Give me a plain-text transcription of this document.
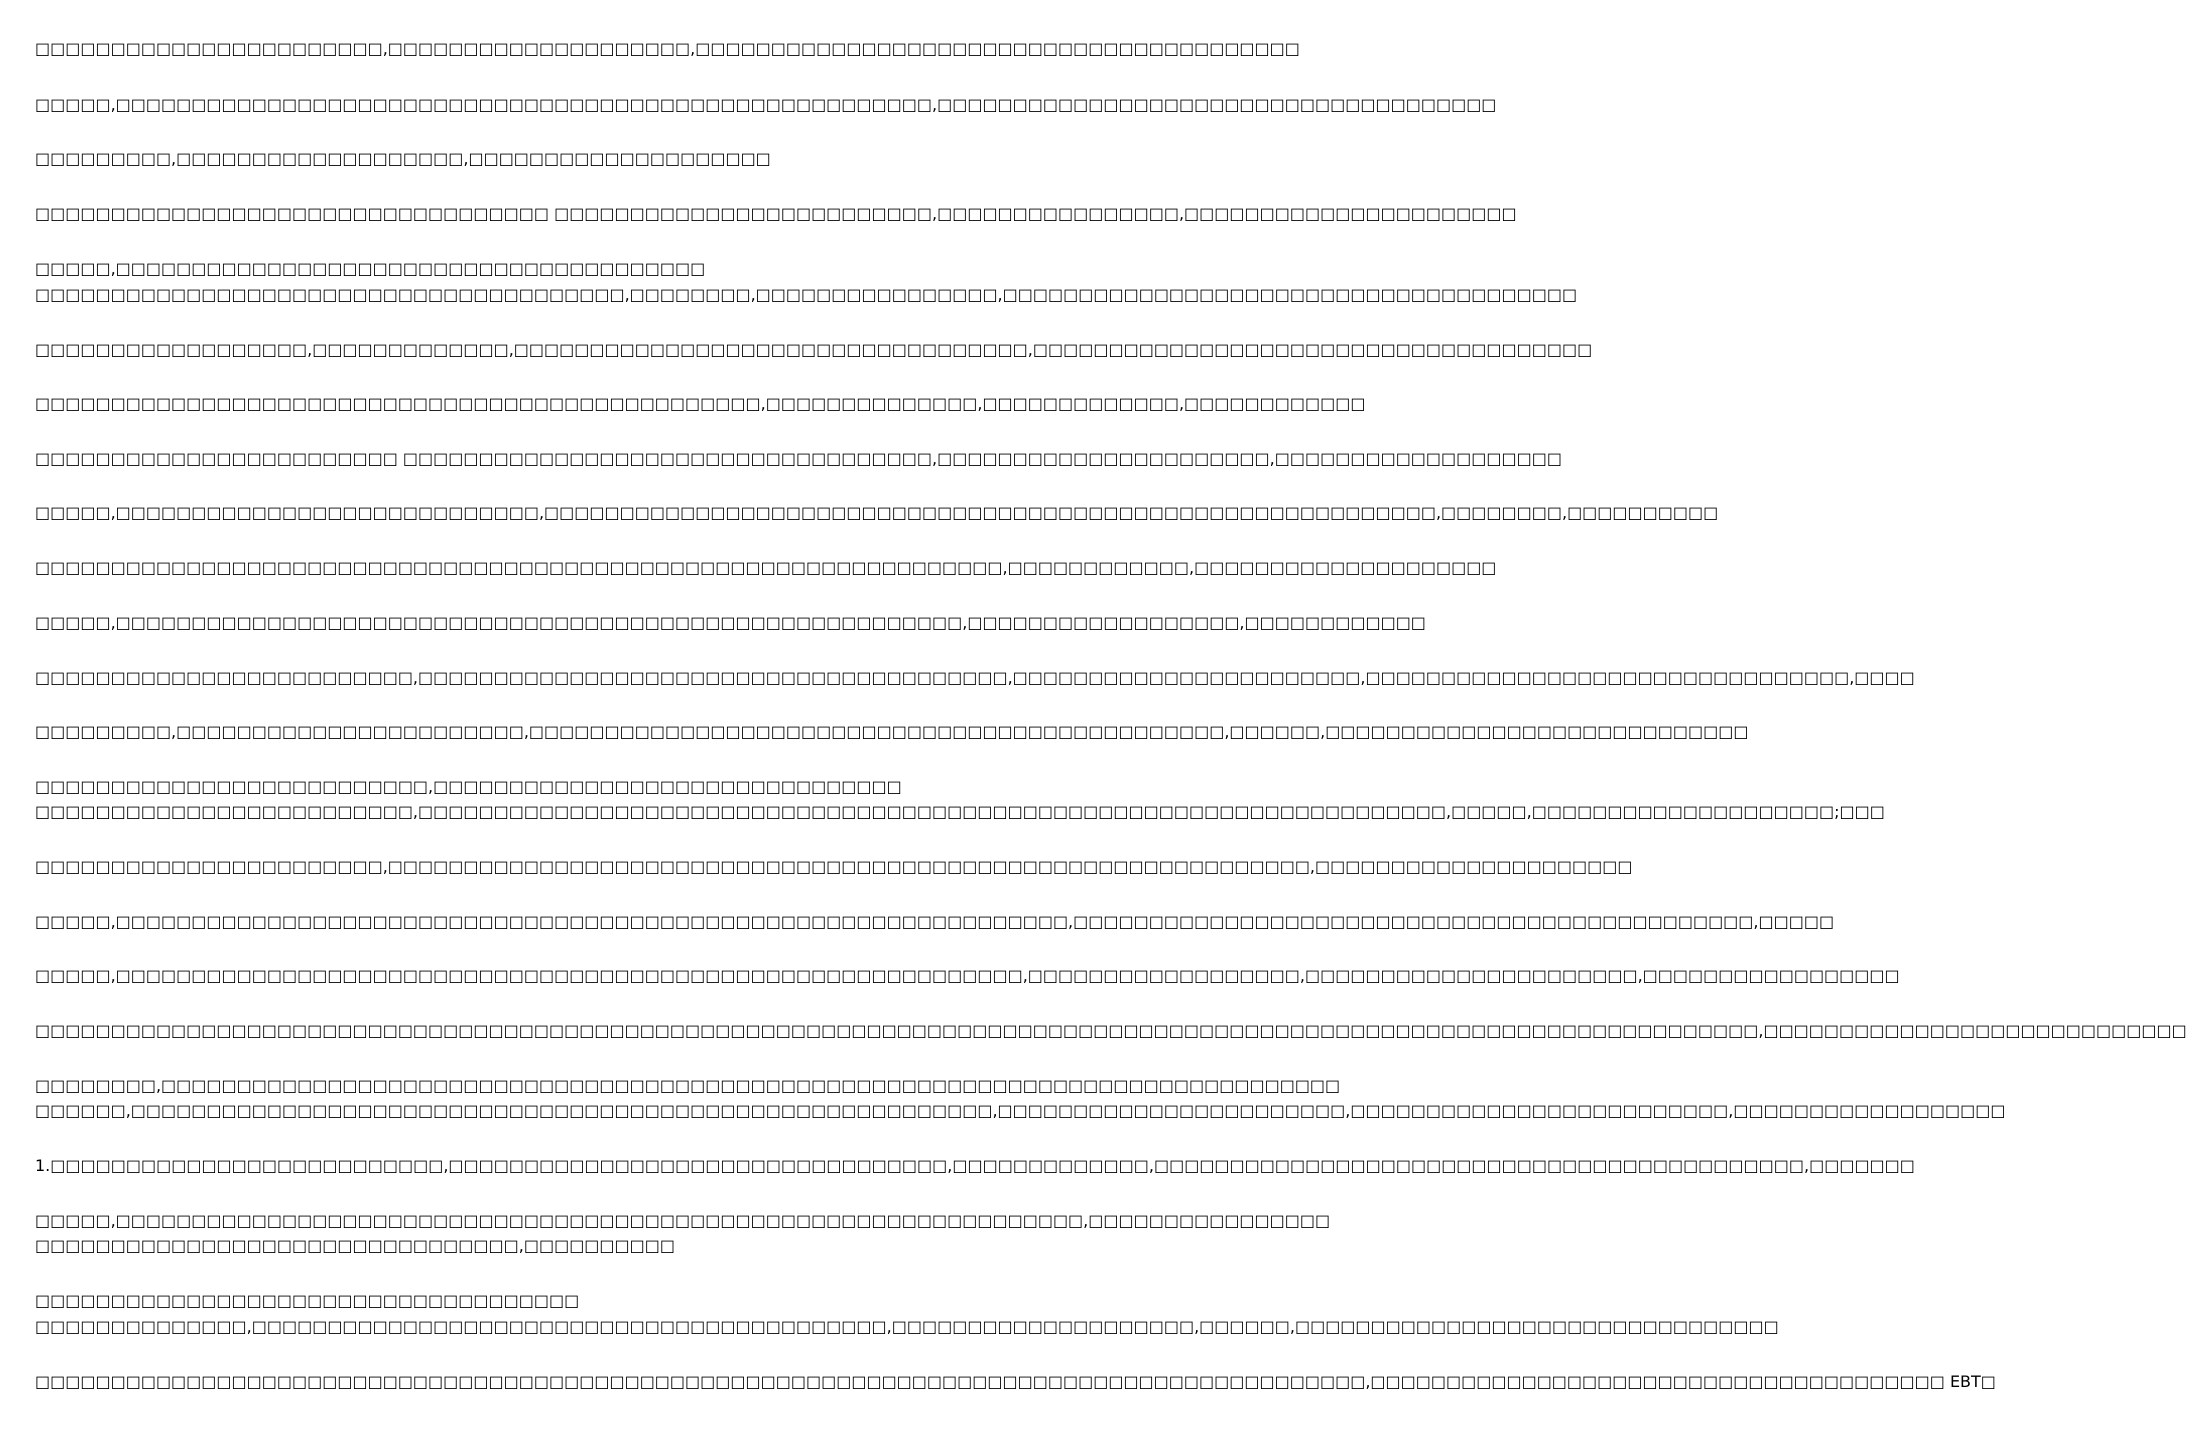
□□□□□□□□□□□□□□□□□□□□□□□,□□□□□□□□□□□□□□□□□□□□,□□□□□□□□□□□□□□□□□□□□□□□□□□□□□□□□□□□□□□□□
□□□□□,□□□□□□□□□□□□□□□□□□□□□□□□□□□□□□□□□□□□□□□□□□□□□□□□□□□□□□,□□□□□□□□□□□□□□□□□□□□□□□□□□□□□□□□□□□□□
□□□□□□□□□,□□□□□□□□□□□□□□□□□□□,□□□□□□□□□□□□□□□□□□□□
□□□□□□□□□□□□□□□□□□□□□□□□□□□□□□□□□□ □□□□□□□□□□□□□□□□□□□□□□□□□,□□□□□□□□□□□□□□□□,□□□□□□□□□□□□□□□□□□□□□□
□□□□□,□□□□□□□□□□□□□□□□□□□□□□□□□□□□□□□□□□□□□□□
□□□□□□□□□□□□□□□□□□□□□□□□□□□□□□□□□□□□□□□,□□□□□□□□,□□□□□□□□□□□□□□□□,□□□□□□□□□□□□□□□□□□□□□□□□□□□□□□□□□□□□□□
□□□□□□□□□□□□□□□□□□,□□□□□□□□□□□□□,□□□□□□□□□□□□□□□□□□□□□□□□□□□□□□□□□□,□□□□□□□□□□□□□□□□□□□□□□□□□□□□□□□□□□□□□
□□□□□□□□□□□□□□□□□□□□□□□□□□□□□□□□□□□□□□□□□□□□□□□□,□□□□□□□□□□□□□□,□□□□□□□□□□□□□,□□□□□□□□□□□□
□□□□□□□□□□□□□□□□□□□□□□□□ □□□□□□□□□□□□□□□□□□□□□□□□□□□□□□□□□□□,□□□□□□□□□□□□□□□□□□□□□□,□□□□□□□□□□□□□□□□□□□
□□□□□,□□□□□□□□□□□□□□□□□□□□□□□□□□□□,□□□□□□□□□□□□□□□□□□□□□□□□□□□□□□□□□□□□□□□□□□□□□□□□□□□□□□□□□□□,□□□□□□□□,□□□□□□□□□□
□□□□□□□□□□□□□□□□□□□□□□□□□□□□□□□□□□□□□□□□□□□□□□□□□□□□□□□□□□□□□□□□,□□□□□□□□□□□□,□□□□□□□□□□□□□□□□□□□□
□□□□□,□□□□□□□□□□□□□□□□□□□□□□□□□□□□□□□□□□□□□□□□□□□□□□□□□□□□□□□□,□□□□□□□□□□□□□□□□□□,□□□□□□□□□□□□
□□□□□□□□□□□□□□□□□□□□□□□□□,□□□□□□□□□□□□□□□□□□□□□□□□□□□□□□□□□□□□□□□,□□□□□□□□□□□□□□□□□□□□□□□,□□□□□□□□□□□□□□□□□□□□□□□□□□□□□□□□,□□□□
□□□□□□□□□,□□□□□□□□□□□□□□□□□□□□□□□,□□□□□□□□□□□□□□□□□□□□□□□□□□□□□□□□□□□□□□□□□□□□□□,□□□□□□,□□□□□□□□□□□□□□□□□□□□□□□□□□□□
□□□□□□□□□□□□□□□□□□□□□□□□□□,□□□□□□□□□□□□□□□□□□□□□□□□□□□□□□□
□□□□□□□□□□□□□□□□□□□□□□□□□,□□□□□□□□□□□□□□□□□□□□□□□□□□□□□□□□□□□□□□□□□□□□□□□□□□□□□□□□□□□□□□□□□□□□,□□□□□,□□□□□□□□□□□□□□□□□□□□;□□□
□□□□□□□□□□□□□□□□□□□□□□□,□□□□□□□□□□□□□□□□□□□□□□□□□□□□□□□□□□□□□□□□□□□□□□□□□□□□□□□□□□□□□,□□□□□□□□□□□□□□□□□□□□□
□□□□□,□□□□□□□□□□□□□□□□□□□□□□□□□□□□□□□□□□□□□□□□□□□□□□□□□□□□□□□□□□□□□□□,□□□□□□□□□□□□□□□□□□□□□□□□□□□□□□□□□□□□□□□□□□□□□,□□□□□
□□□□□,□□□□□□□□□□□□□□□□□□□□□□□□□□□□□□□□□□□□□□□□□□□□□□□□□□□□□□□□□□□□,□□□□□□□□□□□□□□□□□□,□□□□□□□□□□□□□□□□□□□□□□,□□□□□□□□□□□□□□□□□
□□□□□□□□□□□□□□□□□□□□□□□□□□□□□□□□□□□□□□□□□□□□□□□□□□□□□□□□□□□□□□□□□□□□□□□□□□□□□□□□□□□□□□□□□□□□□□□□□□□□□□□□□□□□□□□□□□,□□□□□□□□□□□□□□□□□□□□□□□□□□□□
□□□□□□□□,□□□□□□□□□□□□□□□□□□□□□□□□□□□□□□□□□□□□□□□□□□□□□□□□□□□□□□□□□□□□□□□□□□□□□□□□□□□□□□
□□□□□□,□□□□□□□□□□□□□□□□□□□□□□□□□□□□□□□□□□□□□□□□□□□□□□□□□□□□□□□□□,□□□□□□□□□□□□□□□□□□□□□□□,□□□□□□□□□□□□□□□□□□□□□□□□□,□□□□□□□□□□□□□□□□□□
1.□□□□□□□□□□□□□□□□□□□□□□□□□□,□□□□□□□□□□□□□□□□□□□□□□□□□□□□□□□□□,□□□□□□□□□□□□□,□□□□□□□□□□□□□□□□□□□□□□□□□□□□□□□□□□□□□□□□□□□,□□□□□□□
□□□□□,□□□□□□□□□□□□□□□□□□□□□□□□□□□□□□□□□□□□□□□□□□□□□□□□□□□□□□□□□□□□□□□□,□□□□□□□□□□□□□□□□
□□□□□□□□□□□□□□□□□□□□□□□□□□□□□□□□,□□□□□□□□□□
□□□□□□□□□□□□□□□□□□□□□□□□□□□□□□□□□□□□
□□□□□□□□□□□□□□,□□□□□□□□□□□□□□□□□□□□□□□□□□□□□□□□□□□□□□□□□□,□□□□□□□□□□□□□□□□□□□□,□□□□□□,□□□□□□□□□□□□□□□□□□□□□□□□□□□□□□□□
□□□□□□□□□□□□□□□□□□□□□□□□□□□□□□□□□□□□□□□□□□□□□□□□□□□□□□□□□□□□□□□□□□□□□□□□□□□□□□□□□□□□□□□□,□□□□□□□□□□□□□□□□□□□□□□□□□□□□□□□□□□□□□□ EBT□
